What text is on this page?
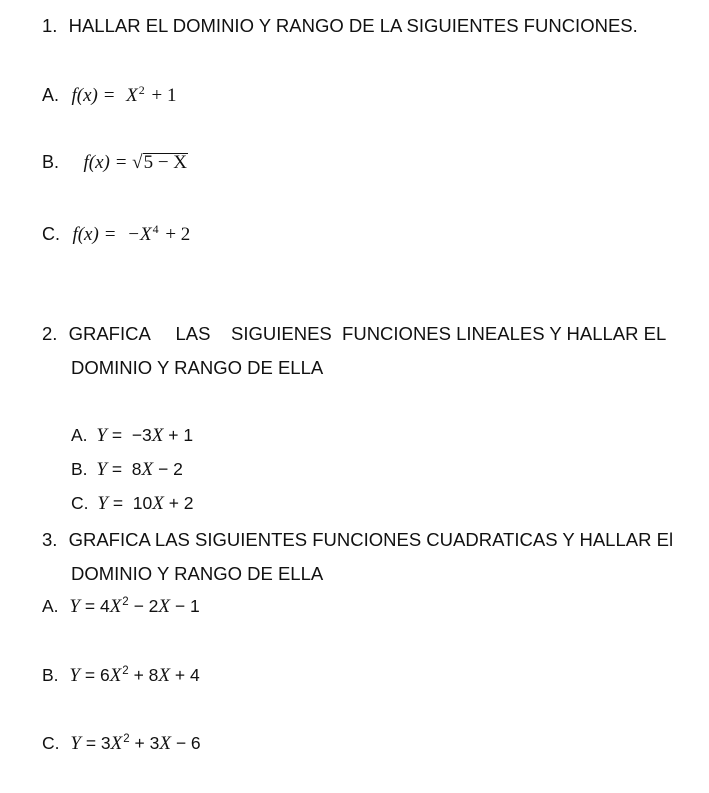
1. HALLAR EL DOMINIO Y RANGO DE LA SIGUIENTES FUNCIONES.
A. $f(x) = X^2 + 1$
B. f(x) = √5 − X
C. $f(x) = -X^4 + 2$
2. GRAFICA     LAS    SIGUIENES  FUNCIONES LINEALES Y HALLAR EL
DOMINIO Y RANGO DE ELLA
A. Y =  −3X + 1
B. Y =  8X − 2
C. Y =  10X + 2
3. GRAFICA LAS SIGUIENTES FUNCIONES CUADRATICAS Y HALLAR El
DOMINIO Y RANGO DE ELLA
A. $Y = 4X^2 - 2X - 1$
B. $Y = 6X^2 + 8X + 4$
C. $Y = 3X^2 + 3X - 6$
